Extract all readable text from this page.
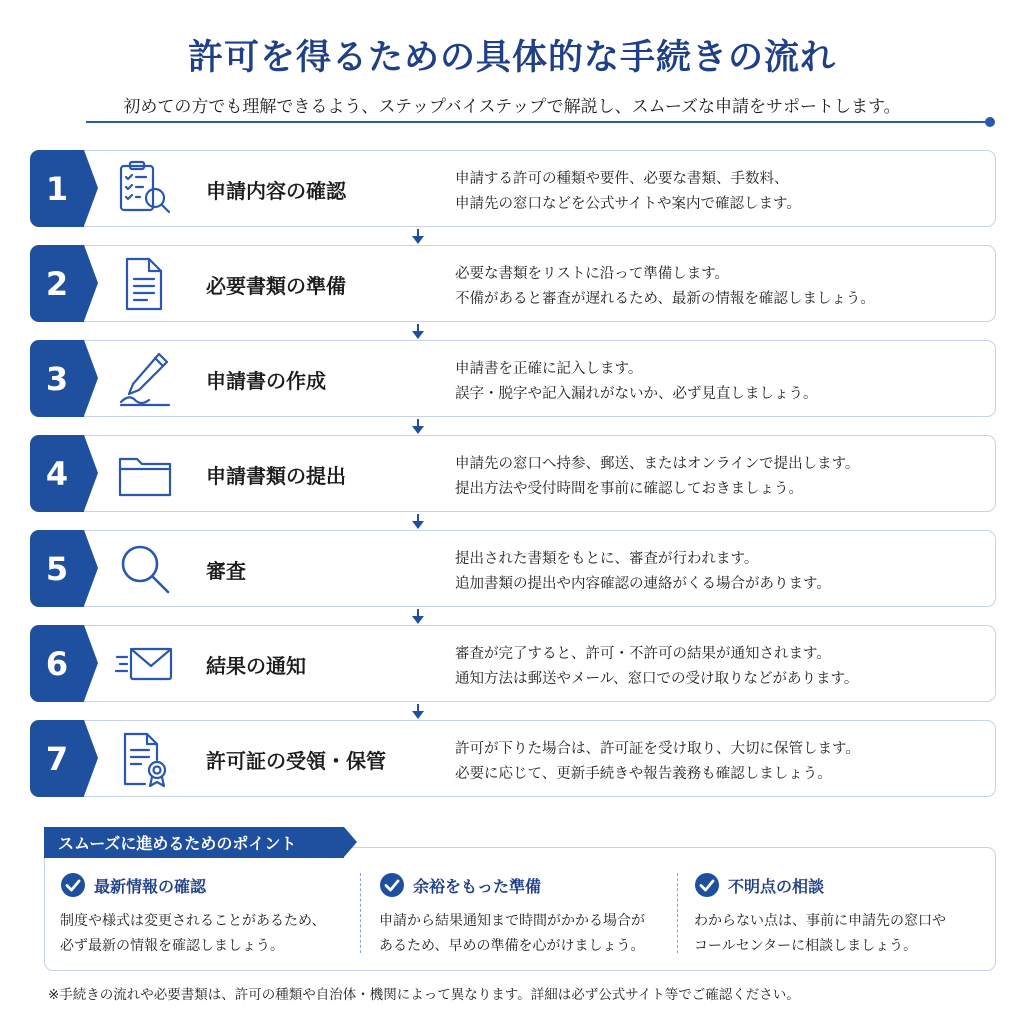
許可を得るための具体的な手続きの流れ
初めての方でも理解できるよう、ステップバイステップで解説し、スムーズな申請をサポートします。
1	申請内容の確認	申請する許可の種類や要件、必要な書類、手数料、
申請先の窓口などを公式サイトや案内で確認します。
2	必要書類の準備	必要な書類をリストに沿って準備します。
不備があると審査が遅れるため、最新の情報を確認しましょう。
3	申請書の作成	申請書を正確に記入します。
誤字・脱字や記入漏れがないか、必ず見直しましょう。
4	申請書類の提出	申請先の窓口へ持参、郵送、またはオンラインで提出します。
提出方法や受付時間を事前に確認しておきましょう。
5	審査	提出された書類をもとに、審査が行われます。
追加書類の提出や内容確認の連絡がくる場合があります。
6	結果の通知	審査が完了すると、許可・不許可の結果が通知されます。
通知方法は郵送やメール、窓口での受け取りなどがあります。
7	許可証の受領・保管	許可が下りた場合は、許可証を受け取り、大切に保管します。
必要に応じて、更新手続きや報告義務も確認しましょう。
スムーズに進めるためのポイント
最新情報の確認
制度や様式は変更されることがあるため、
必ず最新の情報を確認しましょう。
余裕をもった準備
申請から結果通知まで時間がかかる場合が
あるため、早めの準備を心がけましょう。
不明点の相談
わからない点は、事前に申請先の窓口や
コールセンターに相談しましょう。
※手続きの流れや必要書類は、許可の種類や自治体・機関によって異なります。詳細は必ず公式サイト等でご確認ください。
